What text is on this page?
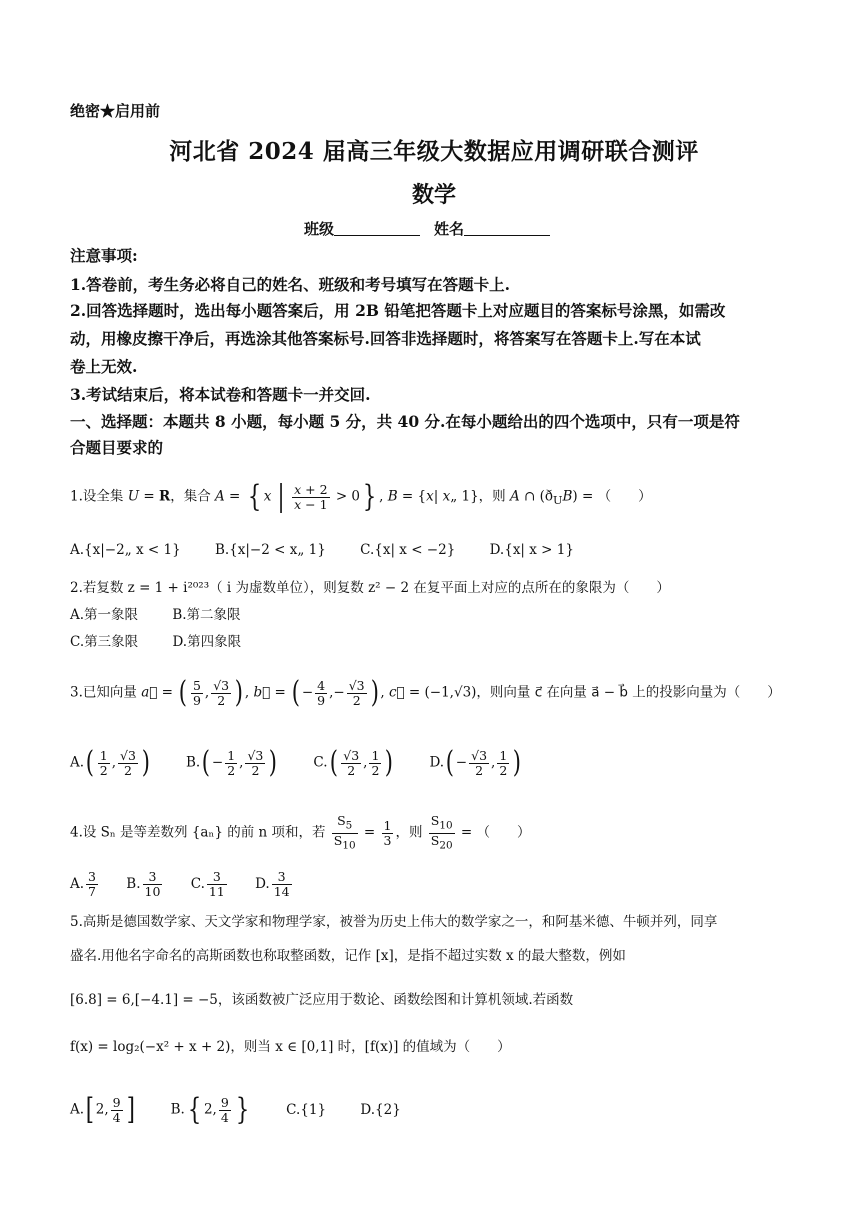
绝密★启用前
河北省 2024 届高三年级大数据应用调研联合测评
数学
班级	姓名
注意事项:
1.答卷前，考生务必将自己的姓名、班级和考号填写在答题卡上.
2.回答选择题时，选出每小题答案后，用 2B 铅笔把答题卡上对应题目的答案标号涂黑，如需改
动，用橡皮擦干净后，再选涂其他答案标号.回答非选择题时，将答案写在答题卡上.写在本试
卷上无效.
3.考试结束后，将本试卷和答题卡一并交回.
一、选择题：本题共 8 小题，每小题 5 分，共 40 分.在每小题给出的四个选项中，只有一项是符
合题目要求的
1.设全集 U = R，集合 A = { x | $\frac{x + 2}{x - 1} > 0$} , B = {x| x„ 1}，则 A ∩ $(ð_UB)$ = （　　）
A.{x|−2„ x < 1}	B.{x|−2 < x„ 1}	C.{x| x < −2}	D.{x| x > 1}
2.若复数 z = 1 + i²⁰²³（ i 为虚数单位），则复数 z² − 2 在复平面上对应的点所在的象限为（　　）
A.第一象限	B.第二象限
C.第三象限	D.第四象限
3.已知向量 a⃗ = ( $\frac{5}{9}$ , $\frac{√3}{2}$ ) , b⃗ = ( − $\frac{4}{9}$ ,− $\frac{√3}{2}$ ) , c⃗ = (−1,√3)，则向量 c⃗ 在向量 a⃗ − b⃗ 上的投影向量为（　　）
$A.( \frac{1}{2}$ , $\frac{√3}{2}$ )	$B.( - \frac{1}{2}$ , $\frac{√3}{2}$ )	$C.( \frac{√3}{2}$ , $\frac{1}{2}$ )	$D.( - \frac{√3}{2}$ , $\frac{1}{2}$ )
4.设 Sₙ 是等差数列 {aₙ} 的前 n 项和，若 $\frac{S_5}{S_{10}} = \frac{1}{3}$ ，则 $\frac{S_{10}}{S_{20}}$ = （　　）
A. $\frac{3}{7} B$. $\frac{3}{10} C$. $\frac{3}{11} D$. $\frac{3}{14}$
5.高斯是德国数学家、天文学家和物理学家，被誉为历史上伟大的数学家之一，和阿基米德、牛顿并列，同享
盛名.用他名字命名的高斯函数也称取整函数，记作 [x]，是指不超过实数 x 的最大整数，例如
[6.8] = 6,[−4.1] = −5，该函数被广泛应用于数论、函数绘图和计算机领域.若函数
f(x) = log₂(−x² + x + 2)，则当 x ∈ [0,1] 时，[f(x)] 的值域为（　　）
A.[ 2, $\frac{9}{4}$ ]	B.{ 2, $\frac{9}{4}$ }	C.{1}	D.{2}
